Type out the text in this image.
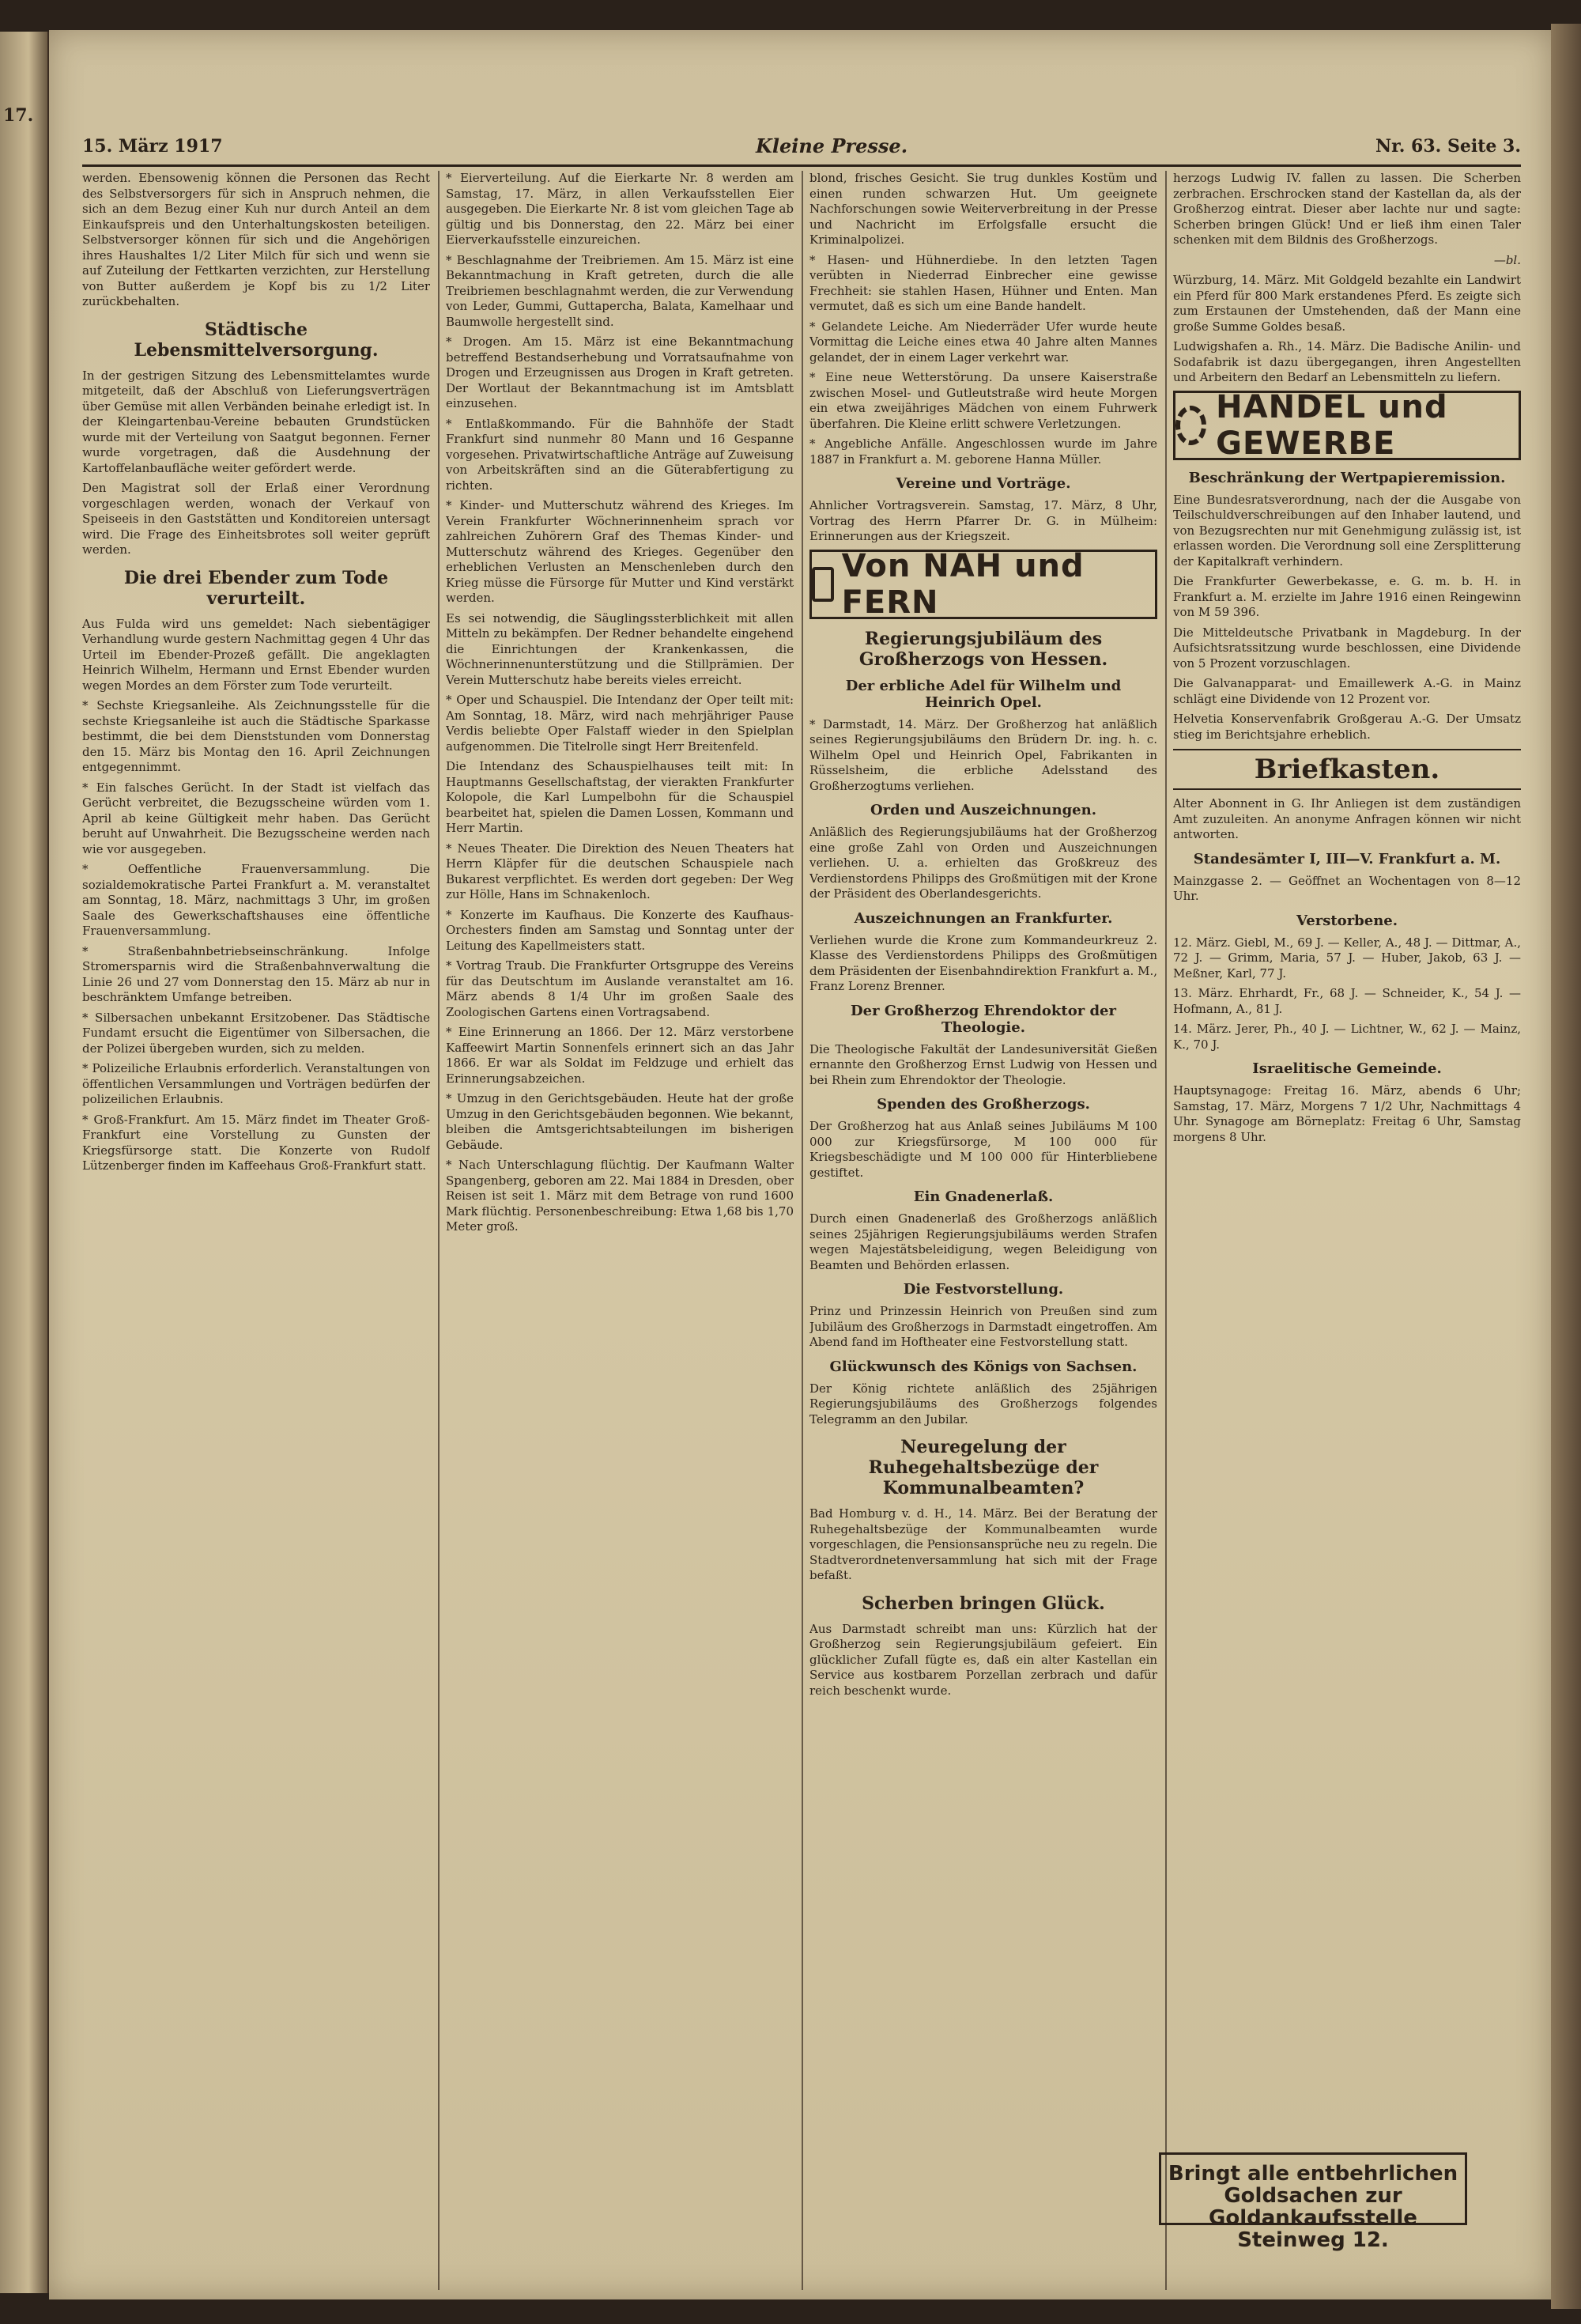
17.
15. März 1917	Kleine Presse.	Nr. 63. Seite 3.

werden. Ebensowenig können die Personen das Recht des Selbstversorgers für sich in Anspruch nehmen, die sich an dem Bezug einer Kuh nur durch Anteil an dem Einkaufspreis und den Unterhaltungskosten beteiligen. Selbstversorger können für sich und die Angehörigen ihres Haushaltes 1/2 Liter Milch für sich und wenn sie auf Zuteilung der Fettkarten verzichten, zur Herstellung von Butter außerdem je Kopf bis zu 1/2 Liter zurückbehalten.

Städtische Lebensmittelversorgung.

In der gestrigen Sitzung des Lebensmittelamtes wurde mitgeteilt, daß der Abschluß von Lieferungsverträgen über Gemüse mit allen Verbänden beinahe erledigt ist. In der Kleingartenbau-Vereine bebauten Grundstücken wurde mit der Verteilung von Saatgut begonnen. Ferner wurde vorgetragen, daß die Ausdehnung der Kartoffelanbaufläche weiter gefördert werde.

Den Magistrat soll der Erlaß einer Verordnung vorgeschlagen werden, wonach der Verkauf von Speiseeis in den Gaststätten und Konditoreien untersagt wird. Die Frage des Einheitsbrotes soll weiter geprüft werden.

Die drei Ebender zum Tode verurteilt.

Aus Fulda wird uns gemeldet: Nach siebentägiger Verhandlung wurde gestern Nachmittag gegen 4 Uhr das Urteil im Ebender-Prozeß gefällt. Die angeklagten Heinrich Wilhelm, Hermann und Ernst Ebender wurden wegen Mordes an dem Förster zum Tode verurteilt.

* Sechste Kriegsanleihe. Als Zeichnungsstelle für die sechste Kriegsanleihe ist auch die Städtische Sparkasse bestimmt, die bei dem Dienststunden vom Donnerstag den 15. März bis Montag den 16. April Zeichnungen entgegennimmt.

* Ein falsches Gerücht. In der Stadt ist vielfach das Gerücht verbreitet, die Bezugsscheine würden vom 1. April ab keine Gültigkeit mehr haben. Das Gerücht beruht auf Unwahrheit. Die Bezugsscheine werden nach wie vor ausgegeben.

* Oeffentliche Frauenversammlung. Die sozialdemokratische Partei Frankfurt a. M. veranstaltet am Sonntag, 18. März, nachmittags 3 Uhr, im großen Saale des Gewerkschaftshauses eine öffentliche Frauenversammlung.

* Straßenbahnbetriebseinschränkung. Infolge Stromersparnis wird die Straßenbahnverwaltung die Linie 26 und 27 vom Donnerstag den 15. März ab nur in beschränktem Umfange betreiben.

* Silbersachen unbekannt Ersitzobener. Das Städtische Fundamt ersucht die Eigentümer von Silbersachen, die der Polizei übergeben wurden, sich zu melden.

* Polizeiliche Erlaubnis erforderlich. Veranstaltungen von öffentlichen Versammlungen und Vorträgen bedürfen der polizeilichen Erlaubnis.

* Groß-Frankfurt. Am 15. März findet im Theater Groß-Frankfurt eine Vorstellung zu Gunsten der Kriegsfürsorge statt. Die Konzerte von Rudolf Lützenberger finden im Kaffeehaus Groß-Frankfurt statt.

* Eierverteilung. Auf die Eierkarte Nr. 8 werden am Samstag, 17. März, in allen Verkaufsstellen Eier ausgegeben. Die Eierkarte Nr. 8 ist vom gleichen Tage ab gültig und bis Donnerstag, den 22. März bei einer Eierverkaufsstelle einzureichen.

* Beschlagnahme der Treibriemen. Am 15. März ist eine Bekanntmachung in Kraft getreten, durch die alle Treibriemen beschlagnahmt werden, die zur Verwendung von Leder, Gummi, Guttapercha, Balata, Kamelhaar und Baumwolle hergestellt sind.

* Drogen. Am 15. März ist eine Bekanntmachung betreffend Bestandserhebung und Vorratsaufnahme von Drogen und Erzeugnissen aus Drogen in Kraft getreten. Der Wortlaut der Bekanntmachung ist im Amtsblatt einzusehen.

* Entlaßkommando. Für die Bahnhöfe der Stadt Frankfurt sind nunmehr 80 Mann und 16 Gespanne vorgesehen. Privatwirtschaftliche Anträge auf Zuweisung von Arbeitskräften sind an die Güterabfertigung zu richten.

* Kinder- und Mutterschutz während des Krieges. Im Verein Frankfurter Wöchnerinnenheim sprach vor zahlreichen Zuhörern Graf des Themas Kinder- und Mutterschutz während des Krieges. Gegenüber den erheblichen Verlusten an Menschenleben durch den Krieg müsse die Fürsorge für Mutter und Kind verstärkt werden.

Es sei notwendig, die Säuglingssterblichkeit mit allen Mitteln zu bekämpfen. Der Redner behandelte eingehend die Einrichtungen der Krankenkassen, die Wöchnerinnenunterstützung und die Stillprämien. Der Verein Mutterschutz habe bereits vieles erreicht.

* Oper und Schauspiel. Die Intendanz der Oper teilt mit: Am Sonntag, 18. März, wird nach mehrjähriger Pause Verdis beliebte Oper Falstaff wieder in den Spielplan aufgenommen. Die Titelrolle singt Herr Breitenfeld.

Die Intendanz des Schauspielhauses teilt mit: In Hauptmanns Gesellschaftstag, der vierakten Frankfurter Kolopole, die Karl Lumpelbohn für die Schauspiel bearbeitet hat, spielen die Damen Lossen, Kommann und Herr Martin.

* Neues Theater. Die Direktion des Neuen Theaters hat Herrn Kläpfer für die deutschen Schauspiele nach Bukarest verpflichtet. Es werden dort gegeben: Der Weg zur Hölle, Hans im Schnakenloch.

* Konzerte im Kaufhaus. Die Konzerte des Kaufhaus-Orchesters finden am Samstag und Sonntag unter der Leitung des Kapellmeisters statt.

* Vortrag Traub. Die Frankfurter Ortsgruppe des Vereins für das Deutschtum im Auslande veranstaltet am 16. März abends 8 1/4 Uhr im großen Saale des Zoologischen Gartens einen Vortragsabend.

* Eine Erinnerung an 1866. Der 12. März verstorbene Kaffeewirt Martin Sonnenfels erinnert sich an das Jahr 1866. Er war als Soldat im Feldzuge und erhielt das Erinnerungsabzeichen.

* Umzug in den Gerichtsgebäuden. Heute hat der große Umzug in den Gerichtsgebäuden begonnen. Wie bekannt, bleiben die Amtsgerichtsabteilungen im bisherigen Gebäude.

* Nach Unterschlagung flüchtig. Der Kaufmann Walter Spangenberg, geboren am 22. Mai 1884 in Dresden, ober Reisen ist seit 1. März mit dem Betrage von rund 1600 Mark flüchtig. Personenbeschreibung: Etwa 1,68 bis 1,70 Meter groß.

blond, frisches Gesicht. Sie trug dunkles Kostüm und einen runden schwarzen Hut. Um geeignete Nachforschungen sowie Weiterverbreitung in der Presse und Nachricht im Erfolgsfalle ersucht die Kriminalpolizei.

* Hasen- und Hühnerdiebe. In den letzten Tagen verübten in Niederrad Einbrecher eine gewisse Frechheit: sie stahlen Hasen, Hühner und Enten. Man vermutet, daß es sich um eine Bande handelt.

* Gelandete Leiche. Am Niederräder Ufer wurde heute Vormittag die Leiche eines etwa 40 Jahre alten Mannes gelandet, der in einem Lager verkehrt war.

* Eine neue Wetterstörung. Da unsere Kaiserstraße zwischen Mosel- und Gutleutstraße wird heute Morgen ein etwa zweijähriges Mädchen von einem Fuhrwerk überfahren. Die Kleine erlitt schwere Verletzungen.

* Angebliche Anfälle. Angeschlossen wurde im Jahre 1887 in Frankfurt a. M. geborene Hanna Müller.

Vereine und Vorträge.

Ahnlicher Vortragsverein. Samstag, 17. März, 8 Uhr, Vortrag des Herrn Pfarrer Dr. G. in Mülheim: Erinnerungen aus der Kriegszeit.

Von NAH und FERN
Regierungsjubiläum des Großherzogs von Hessen.
Der erbliche Adel für Wilhelm und Heinrich Opel.

* Darmstadt, 14. März. Der Großherzog hat anläßlich seines Regierungsjubiläums den Brüdern Dr. ing. h. c. Wilhelm Opel und Heinrich Opel, Fabrikanten in Rüsselsheim, die erbliche Adelsstand des Großherzogtums verliehen.

Orden und Auszeichnungen.

Anläßlich des Regierungsjubiläums hat der Großherzog eine große Zahl von Orden und Auszeichnungen verliehen. U. a. erhielten das Großkreuz des Verdienstordens Philipps des Großmütigen mit der Krone der Präsident des Oberlandesgerichts.

Auszeichnungen an Frankfurter.

Verliehen wurde die Krone zum Kommandeurkreuz 2. Klasse des Verdienstordens Philipps des Großmütigen dem Präsidenten der Eisenbahndirektion Frankfurt a. M., Franz Lorenz Brenner.

Der Großherzog Ehrendoktor der Theologie.

Die Theologische Fakultät der Landesuniversität Gießen ernannte den Großherzog Ernst Ludwig von Hessen und bei Rhein zum Ehrendoktor der Theologie.

Spenden des Großherzogs.

Der Großherzog hat aus Anlaß seines Jubiläums M 100 000 zur Kriegsfürsorge, M 100 000 für Kriegsbeschädigte und M 100 000 für Hinterbliebene gestiftet.

Ein Gnadenerlaß.

Durch einen Gnadenerlaß des Großherzogs anläßlich seines 25jährigen Regierungsjubiläums werden Strafen wegen Majestätsbeleidigung, wegen Beleidigung von Beamten und Behörden erlassen.

Die Festvorstellung.

Prinz und Prinzessin Heinrich von Preußen sind zum Jubiläum des Großherzogs in Darmstadt eingetroffen. Am Abend fand im Hoftheater eine Festvorstellung statt.

Glückwunsch des Königs von Sachsen.

Der König richtete anläßlich des 25jährigen Regierungsjubiläums des Großherzogs folgendes Telegramm an den Jubilar.

Neuregelung der Ruhegehaltsbezüge der Kommunalbeamten?

Bad Homburg v. d. H., 14. März. Bei der Beratung der Ruhegehaltsbezüge der Kommunalbeamten wurde vorgeschlagen, die Pensionsansprüche neu zu regeln. Die Stadtverordnetenversammlung hat sich mit der Frage befaßt.

Scherben bringen Glück.

Aus Darmstadt schreibt man uns: Kürzlich hat der Großherzog sein Regierungsjubiläum gefeiert. Ein glücklicher Zufall fügte es, daß ein alter Kastellan ein Service aus kostbarem Porzellan zerbrach und dafür reich beschenkt wurde.

herzogs Ludwig IV. fallen zu lassen. Die Scherben zerbrachen. Erschrocken stand der Kastellan da, als der Großherzog eintrat. Dieser aber lachte nur und sagte: Scherben bringen Glück! Und er ließ ihm einen Taler schenken mit dem Bildnis des Großherzogs.

—bl.

Würzburg, 14. März. Mit Goldgeld bezahlte ein Landwirt ein Pferd für 800 Mark erstandenes Pferd. Es zeigte sich zum Erstaunen der Umstehenden, daß der Mann eine große Summe Goldes besaß.

Ludwigshafen a. Rh., 14. März. Die Badische Anilin- und Sodafabrik ist dazu übergegangen, ihren Angestellten und Arbeitern den Bedarf an Lebensmitteln zu liefern.

HANDEL und GEWERBE
Beschränkung der Wertpapieremission.

Eine Bundesratsverordnung, nach der die Ausgabe von Teilschuldverschreibungen auf den Inhaber lautend, und von Bezugsrechten nur mit Genehmigung zulässig ist, ist erlassen worden. Die Verordnung soll eine Zersplitterung der Kapitalkraft verhindern.

Die Frankfurter Gewerbekasse, e. G. m. b. H. in Frankfurt a. M. erzielte im Jahre 1916 einen Reingewinn von M 59 396.

Die Mitteldeutsche Privatbank in Magdeburg. In der Aufsichtsratssitzung wurde beschlossen, eine Dividende von 5 Prozent vorzuschlagen.

Die Galvanapparat- und Emaillewerk A.-G. in Mainz schlägt eine Dividende von 12 Prozent vor.

Helvetia Konservenfabrik Großgerau A.-G. Der Umsatz stieg im Berichtsjahre erheblich.

Briefkasten.

Alter Abonnent in G. Ihr Anliegen ist dem zuständigen Amt zuzuleiten. An anonyme Anfragen können wir nicht antworten.

Standesämter I, III—V. Frankfurt a. M.

Mainzgasse 2. — Geöffnet an Wochentagen von 8—12 Uhr.

Verstorbene.

12. März. Giebl, M., 69 J. — Keller, A., 48 J. — Dittmar, A., 72 J. — Grimm, Maria, 57 J. — Huber, Jakob, 63 J. — Meßner, Karl, 77 J.

13. März. Ehrhardt, Fr., 68 J. — Schneider, K., 54 J. — Hofmann, A., 81 J.

14. März. Jerer, Ph., 40 J. — Lichtner, W., 62 J. — Mainz, K., 70 J.

Israelitische Gemeinde.

Hauptsynagoge: Freitag 16. März, abends 6 Uhr; Samstag, 17. März, Morgens 7 1/2 Uhr, Nachmittags 4 Uhr. Synagoge am Börneplatz: Freitag 6 Uhr, Samstag morgens 8 Uhr.

Bringt alle entbehrlichen Goldsachen zur Goldankaufsstelle Steinweg 12.
